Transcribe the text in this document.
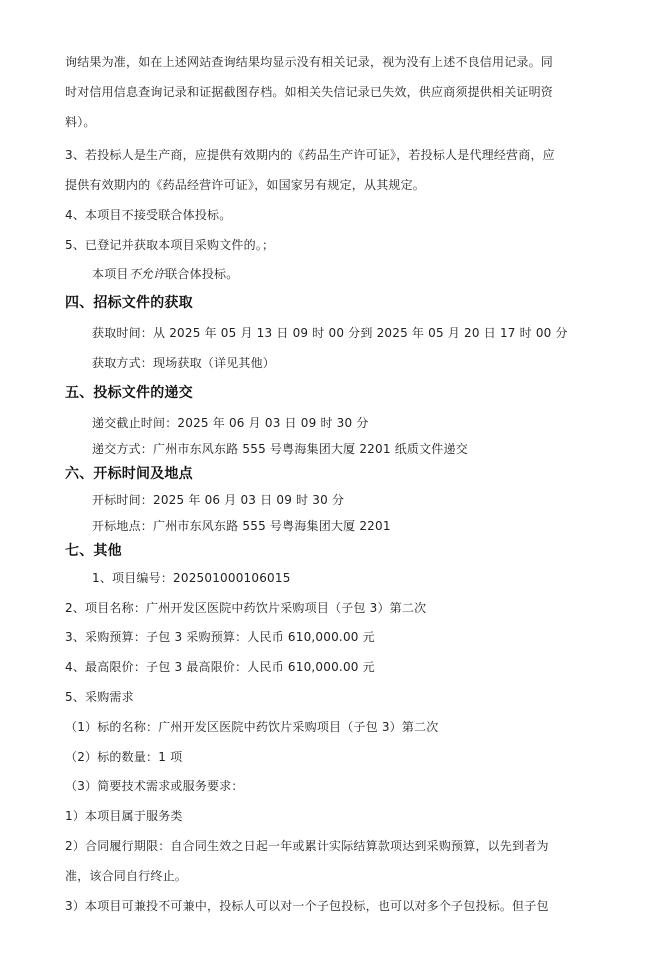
询结果为准，如在上述网站查询结果均显示没有相关记录，视为没有上述不良信用记录。同
时对信用信息查询记录和证据截图存档。如相关失信记录已失效，供应商须提供相关证明资
料）。
3、若投标人是生产商，应提供有效期内的《药品生产许可证》，若投标人是代理经营商，应
提供有效期内的《药品经营许可证》，如国家另有规定，从其规定。
4、本项目不接受联合体投标。
5、已登记并获取本项目采购文件的。；
本项目不允许联合体投标。
四、招标文件的获取
获取时间：从 2025 年 05 月 13 日 09 时 00 分到 2025 年 05 月 20 日 17 时 00 分
获取方式：现场获取（详见其他）
五、投标文件的递交
递交截止时间：2025 年 06 月 03 日 09 时 30 分
递交方式：广州市东风东路 555 号粤海集团大厦 2201 纸质文件递交
六、开标时间及地点
开标时间：2025 年 06 月 03 日 09 时 30 分
开标地点：广州市东风东路 555 号粤海集团大厦 2201
七、其他
1、项目编号：202501000106015
2、项目名称：广州开发区医院中药饮片采购项目（子包 3）第二次
3、采购预算：子包 3 采购预算：人民币 610,000.00 元
4、最高限价：子包 3 最高限价：人民币 610,000.00 元
5、采购需求
（1）标的名称：广州开发区医院中药饮片采购项目（子包 3）第二次
（2）标的数量：1 项
（3）简要技术需求或服务要求：
1）本项目属于服务类
2）合同履行期限：自合同生效之日起一年或累计实际结算款项达到采购预算，以先到者为
准，该合同自行终止。
3）本项目可兼投不可兼中，投标人可以对一个子包投标，也可以对多个子包投标。但子包
